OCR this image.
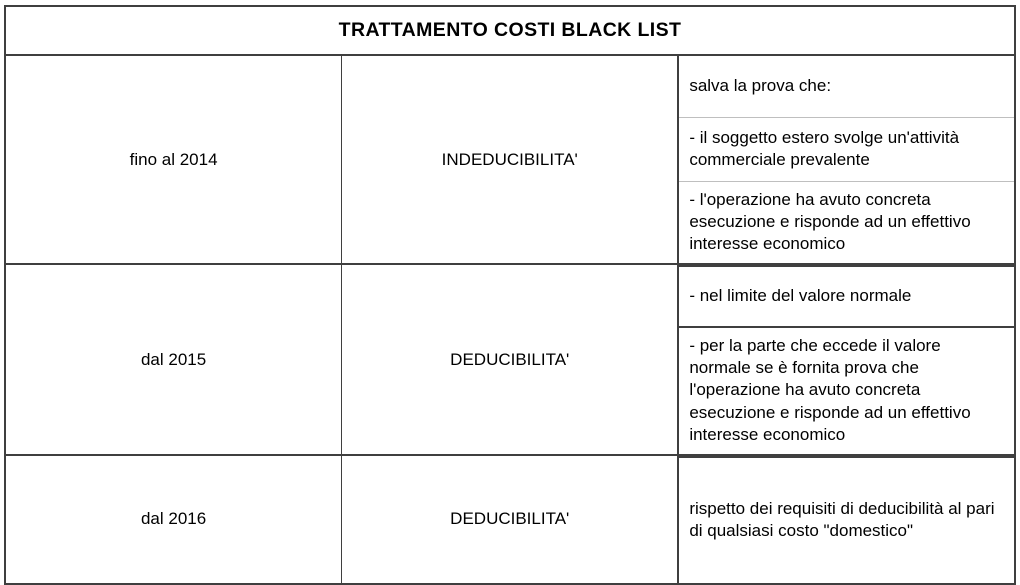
TRATTAMENTO COSTI BLACK LIST
fino al 2014	INDEDUCIBILITA'	
salva la prova che:
- il soggetto estero svolge un'attività commerciale prevalente
- l'operazione ha avuto concreta esecuzione e risponde ad un effettivo interesse economico

dal 2015	DEDUCIBILITA'	
- nel limite del valore normale
- per la parte che eccede il valore normale se è fornita prova che l'operazione ha avuto concreta esecuzione e risponde ad un effettivo interesse economico

dal 2016	DEDUCIBILITA'	
rispetto dei requisiti di deducibilità al pari di qualsiasi costo "domestico"
